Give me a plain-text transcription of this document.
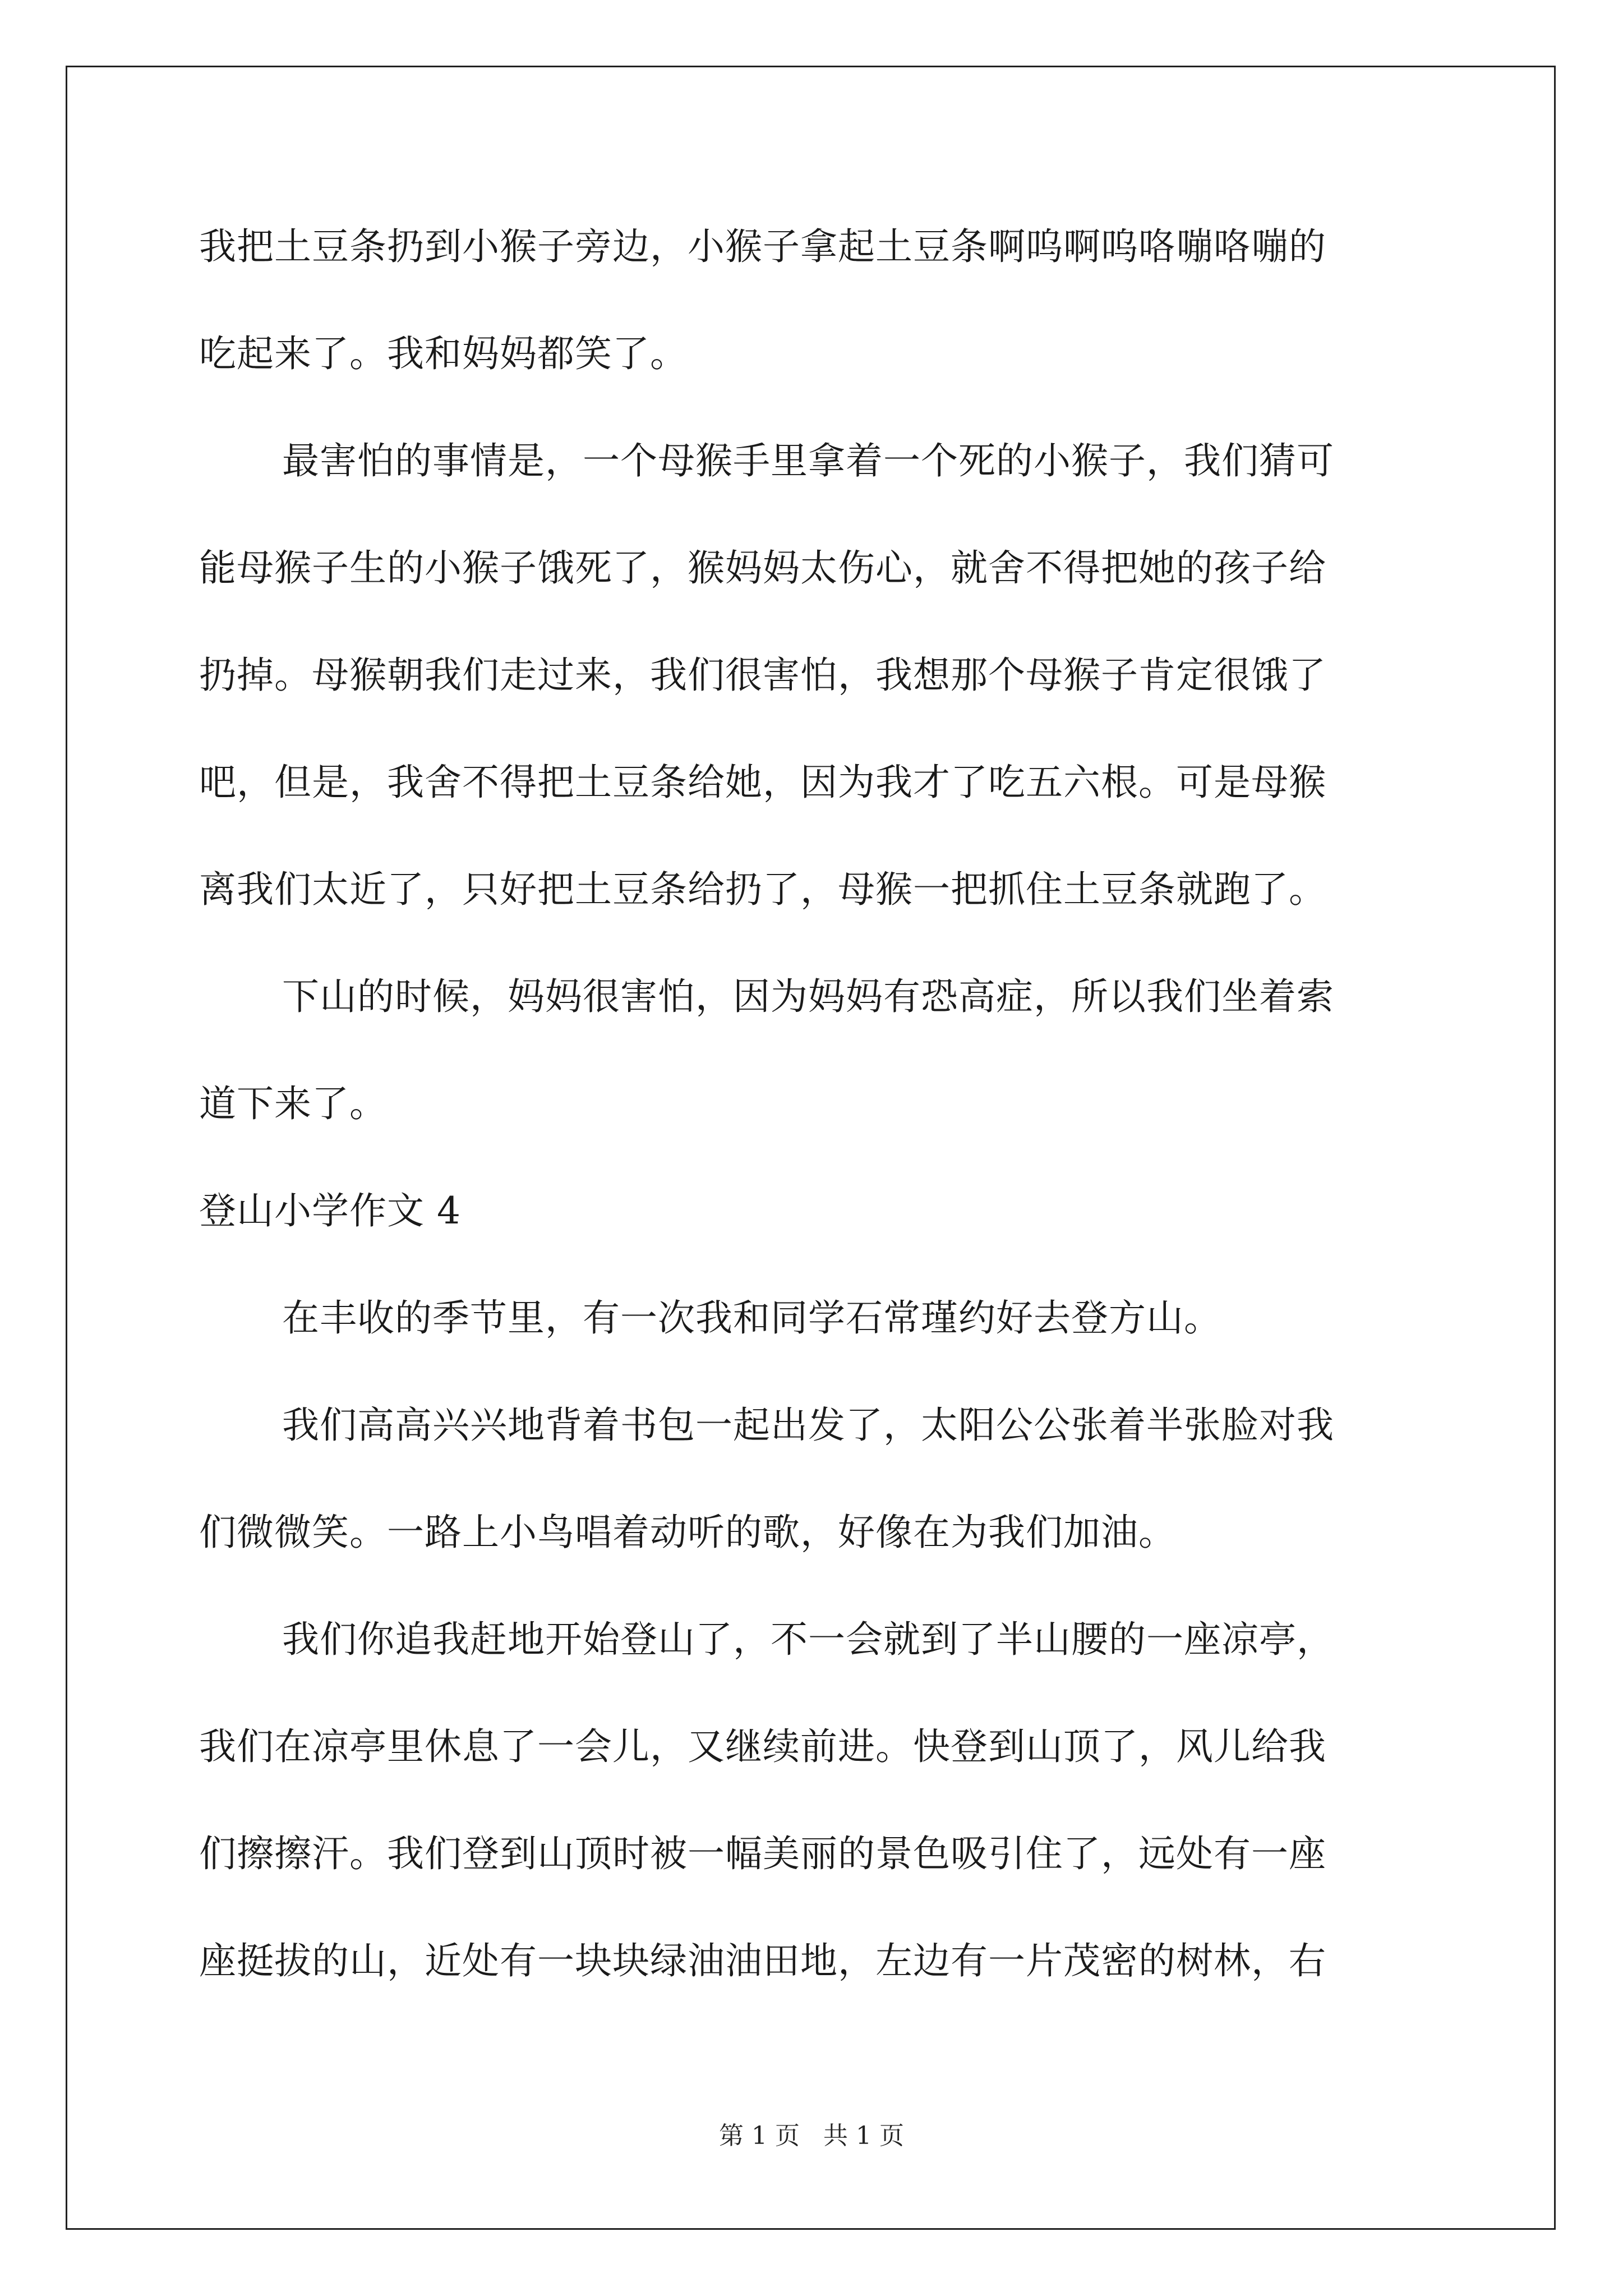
我把土豆条扔到小猴子旁边，小猴子拿起土豆条啊呜啊呜咯嘣咯嘣的
吃起来了。我和妈妈都笑了。
最害怕的事情是，一个母猴手里拿着一个死的小猴子，我们猜可
能母猴子生的小猴子饿死了，猴妈妈太伤心，就舍不得把她的孩子给
扔掉。母猴朝我们走过来，我们很害怕，我想那个母猴子肯定很饿了
吧，但是，我舍不得把土豆条给她，因为我才了吃五六根。可是母猴
离我们太近了，只好把土豆条给扔了，母猴一把抓住土豆条就跑了。
下山的时候，妈妈很害怕，因为妈妈有恐高症，所以我们坐着索
道下来了。
登山小学作文 4
在丰收的季节里，有一次我和同学石常瑾约好去登方山。
我们高高兴兴地背着书包一起出发了，太阳公公张着半张脸对我
们微微笑。一路上小鸟唱着动听的歌，好像在为我们加油。
我们你追我赶地开始登山了，不一会就到了半山腰的一座凉亭，
我们在凉亭里休息了一会儿，又继续前进。快登到山顶了，风儿给我
们擦擦汗。我们登到山顶时被一幅美丽的景色吸引住了，远处有一座
座挺拔的山，近处有一块块绿油油田地，左边有一片茂密的树林，右
第 1 页 共 1 页
